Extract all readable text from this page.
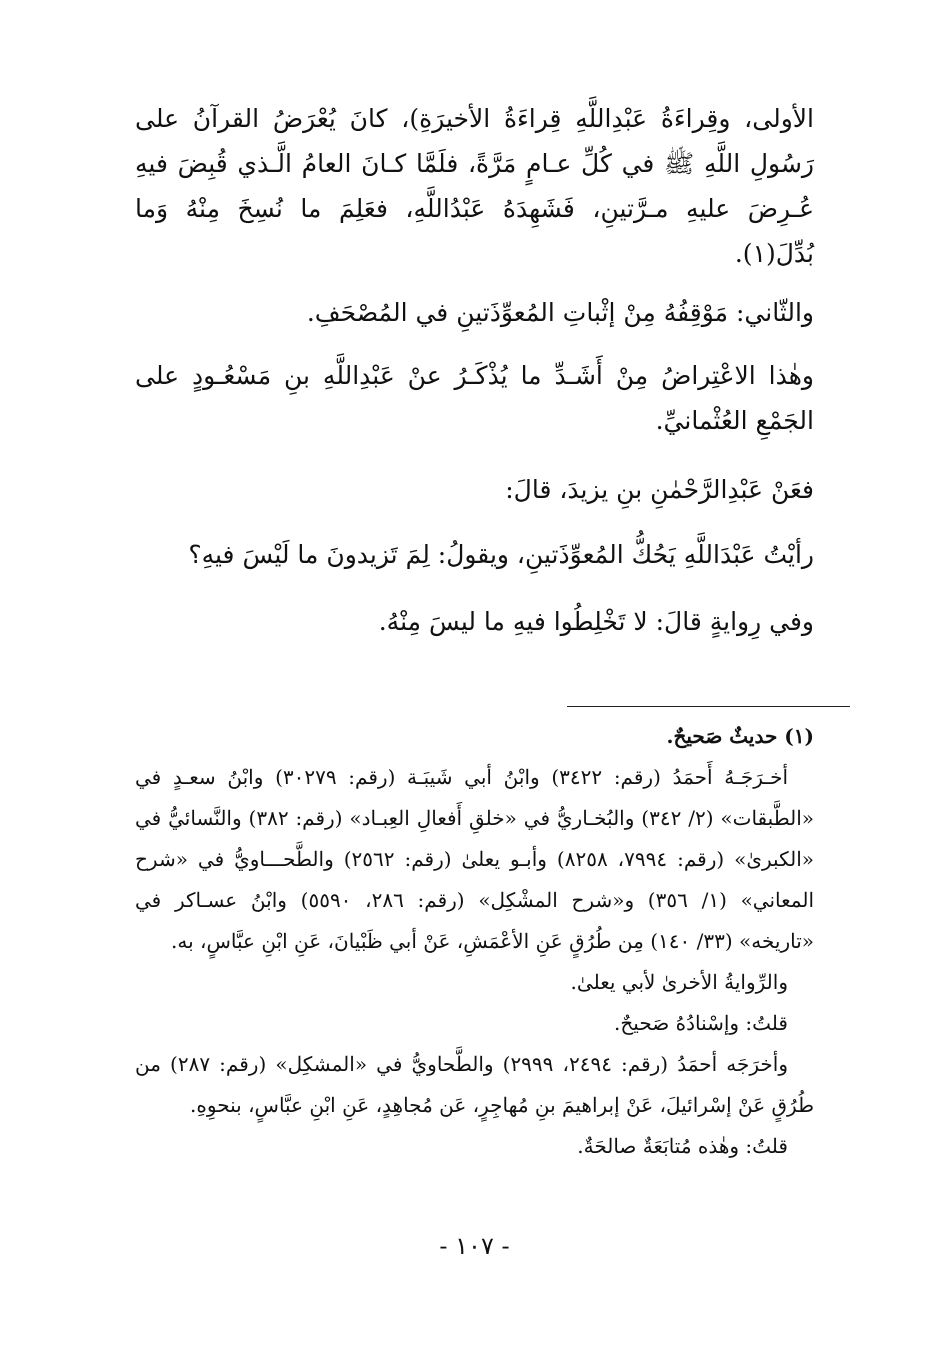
الأولى، وقِراءَةُ عَبْدِاللَّهِ قِراءَةُ الأخيرَةِ)، كانَ يُعْرَضُ القرآنُ على رَسُولِ اللَّهِ ﷺ في كُلِّ عـامٍ مَرَّةً، فلَمَّا كـانَ العامُ الَّـذي قُبِضَ فيهِ عُـرِضَ عليهِ مـرَّتينِ، فَشَهِدَهُ عَبْدُاللَّهِ، فعَلِمَ ما نُسِخَ مِنْهُ وَما بُدِّلَ(١).

والثّاني: مَوْقِفُهُ مِنْ إثْباتِ المُعوِّذَتينِ في المُصْحَفِ.

وهٰذا الاعْتِراضُ مِنْ أَشَـدِّ ما يُذْكَـرُ عنْ عَبْدِاللَّهِ بنِ مَسْعُـودٍ على الجَمْعِ العُثْمانيِّ.

فعَنْ عَبْدِالرَّحْمٰنِ بنِ يزيدَ، قالَ:

رأيْتُ عَبْدَاللَّهِ يَحُكُّ المُعوِّذَتينِ، ويقولُ: لِمَ تَزيدونَ ما لَيْسَ فيهِ؟

وفي رِوايةٍ قالَ: لا تَخْلِطُوا فيهِ ما ليسَ مِنْهُ.

(١) حديثٌ صَحيحٌ.

أخـرَجَـهُ أَحمَدُ (رقم: ٣٤٢٢) وابْنُ أبي شَيبَـة (رقم: ٣٠٢٧٩) وابْنُ سعـدٍ في «الطَّبقات» (٢/ ٣٤٢) والبُخـاريُّ في «خلقِ أَفعالِ العِبـاد» (رقم: ٣٨٢) والنَّسائيُّ في «الكبرىٰ» (رقم: ٧٩٩٤، ٨٢٥٨) وأبـو يعلىٰ (رقم: ٢٥٦٢) والطَّحـــاويُّ في «شرح المعاني» (١/ ٣٥٦) و«شرح المشْكِل» (رقم: ٢٨٦، ٥٥٩٠) وابْنُ عسـاكر في «تاريخه» (٣٣/ ١٤٠) مِن طُرُقٍ عَنِ الأعْمَشِ، عَنْ أبي ظَبْيانَ، عَنِ ابْنِ عبَّاسٍ، به.

والرِّوايةُ الأخرىٰ لأبي يعلىٰ.

قلتُ: وإسْنادُهُ صَحيحٌ.

وأخرَجَه أحمَدُ (رقم: ٢٤٩٤، ٢٩٩٩) والطَّحاويُّ في «المشكِل» (رقم: ٢٨٧) من طُرُقٍ عَنْ إسْرائيلَ، عَنْ إبراهيمَ بنِ مُهاجِرٍ، عَن مُجاهِدٍ، عَنِ ابْنِ عبَّاسٍ، بنحوِهِ.

قلتُ: وهٰذه مُتابَعَةٌ صالحَةٌ.

- ١٠٧ -
